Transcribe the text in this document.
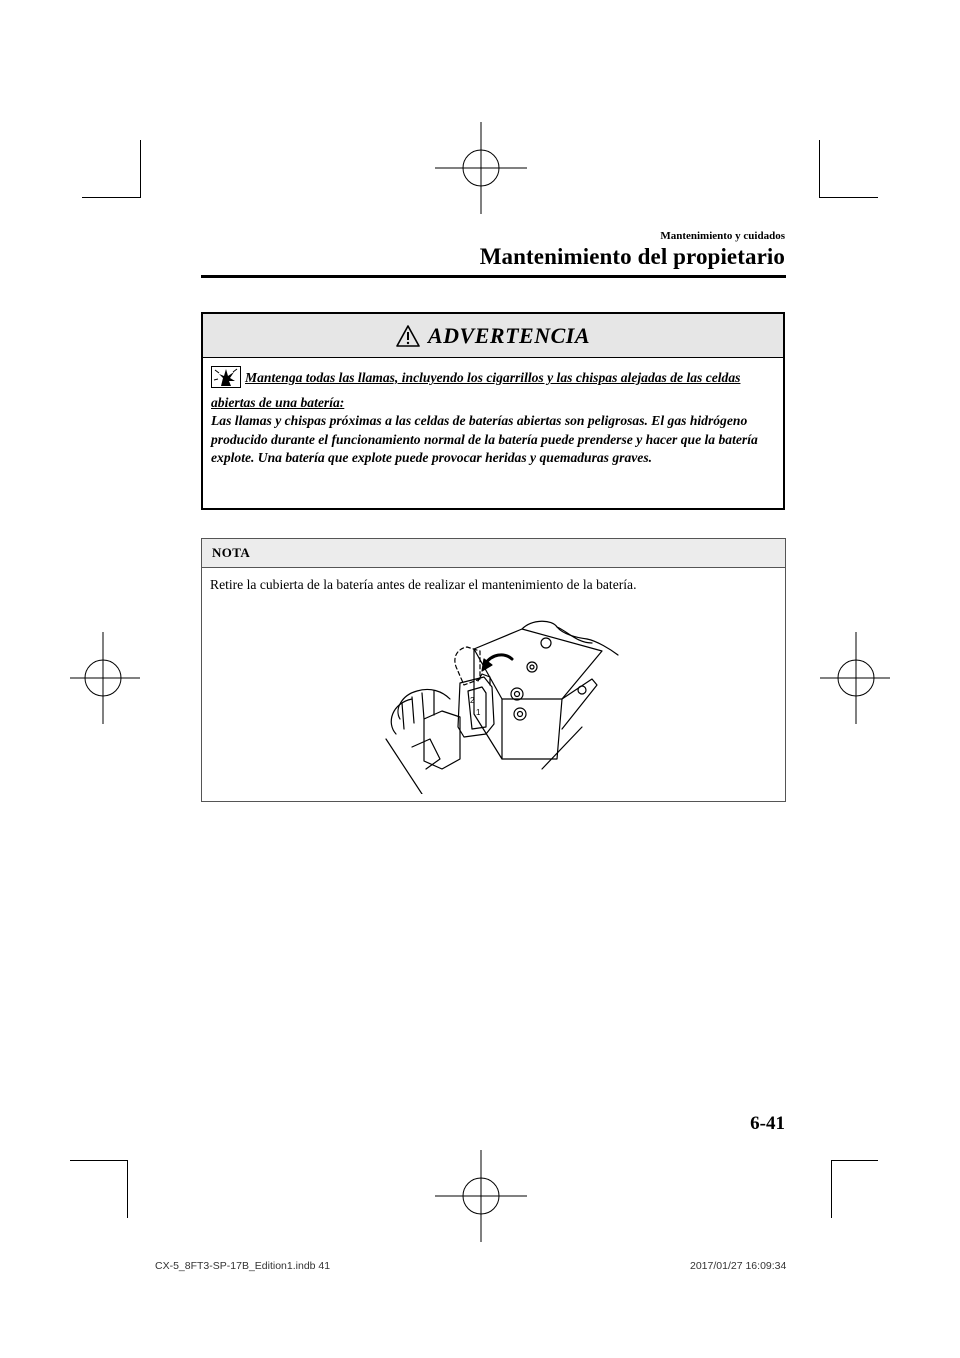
Mantenimiento y cuidados
Mantenimiento del propietario
ADVERTENCIA
Mantenga todas las llamas, incluyendo los cigarrillos y las chispas alejadas de las celdas abiertas de una batería:
Las llamas y chispas próximas a las celdas de baterías abiertas son peligrosas. El gas hidrógeno producido durante el funcionamiento normal de la batería puede prenderse y hacer que la batería explote. Una batería que explote puede provocar heridas y quemaduras graves.
NOTA
Retire la cubierta de la batería antes de realizar el mantenimiento de la batería.
1
2
6-41
CX-5_8FT3-SP-17B_Edition1.indb 41	2017/01/27 16:09:34
